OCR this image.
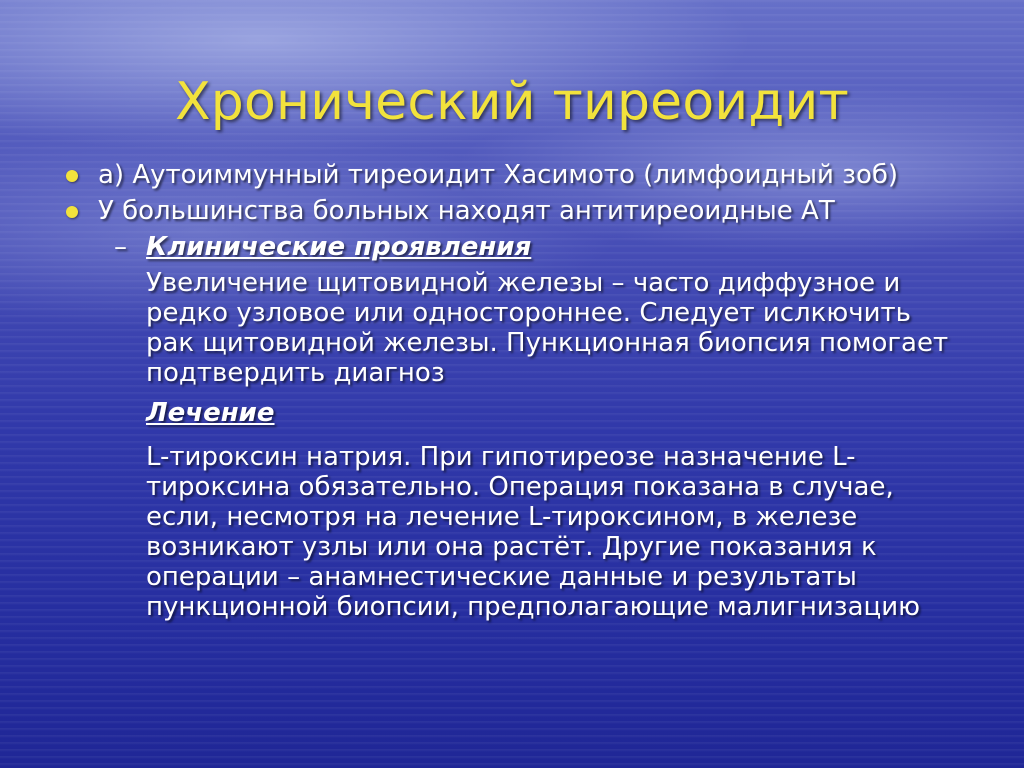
Хронический тиреоидит
а) Аутоиммунный тиреоидит Хасимото (лимфоидный зоб)
У большинства больных находят антитиреоидные АТ
– Клинические проявления
Увеличение щитовидной железы – часто диффузное и редко узловое или одностороннее. Следует ислкючить рак щитовидной железы. Пункционная биопсия помогает подтвердить диагноз
Лечение
L-тироксин натрия. При гипотиреозе назначение L-тироксина обязательно. Операция показана в случае, если, несмотря на лечение L-тироксином, в железе возникают узлы или она растёт. Другие показания к операции – анамнестические данные и результаты пункционной биопсии, предполагающие малигнизацию
